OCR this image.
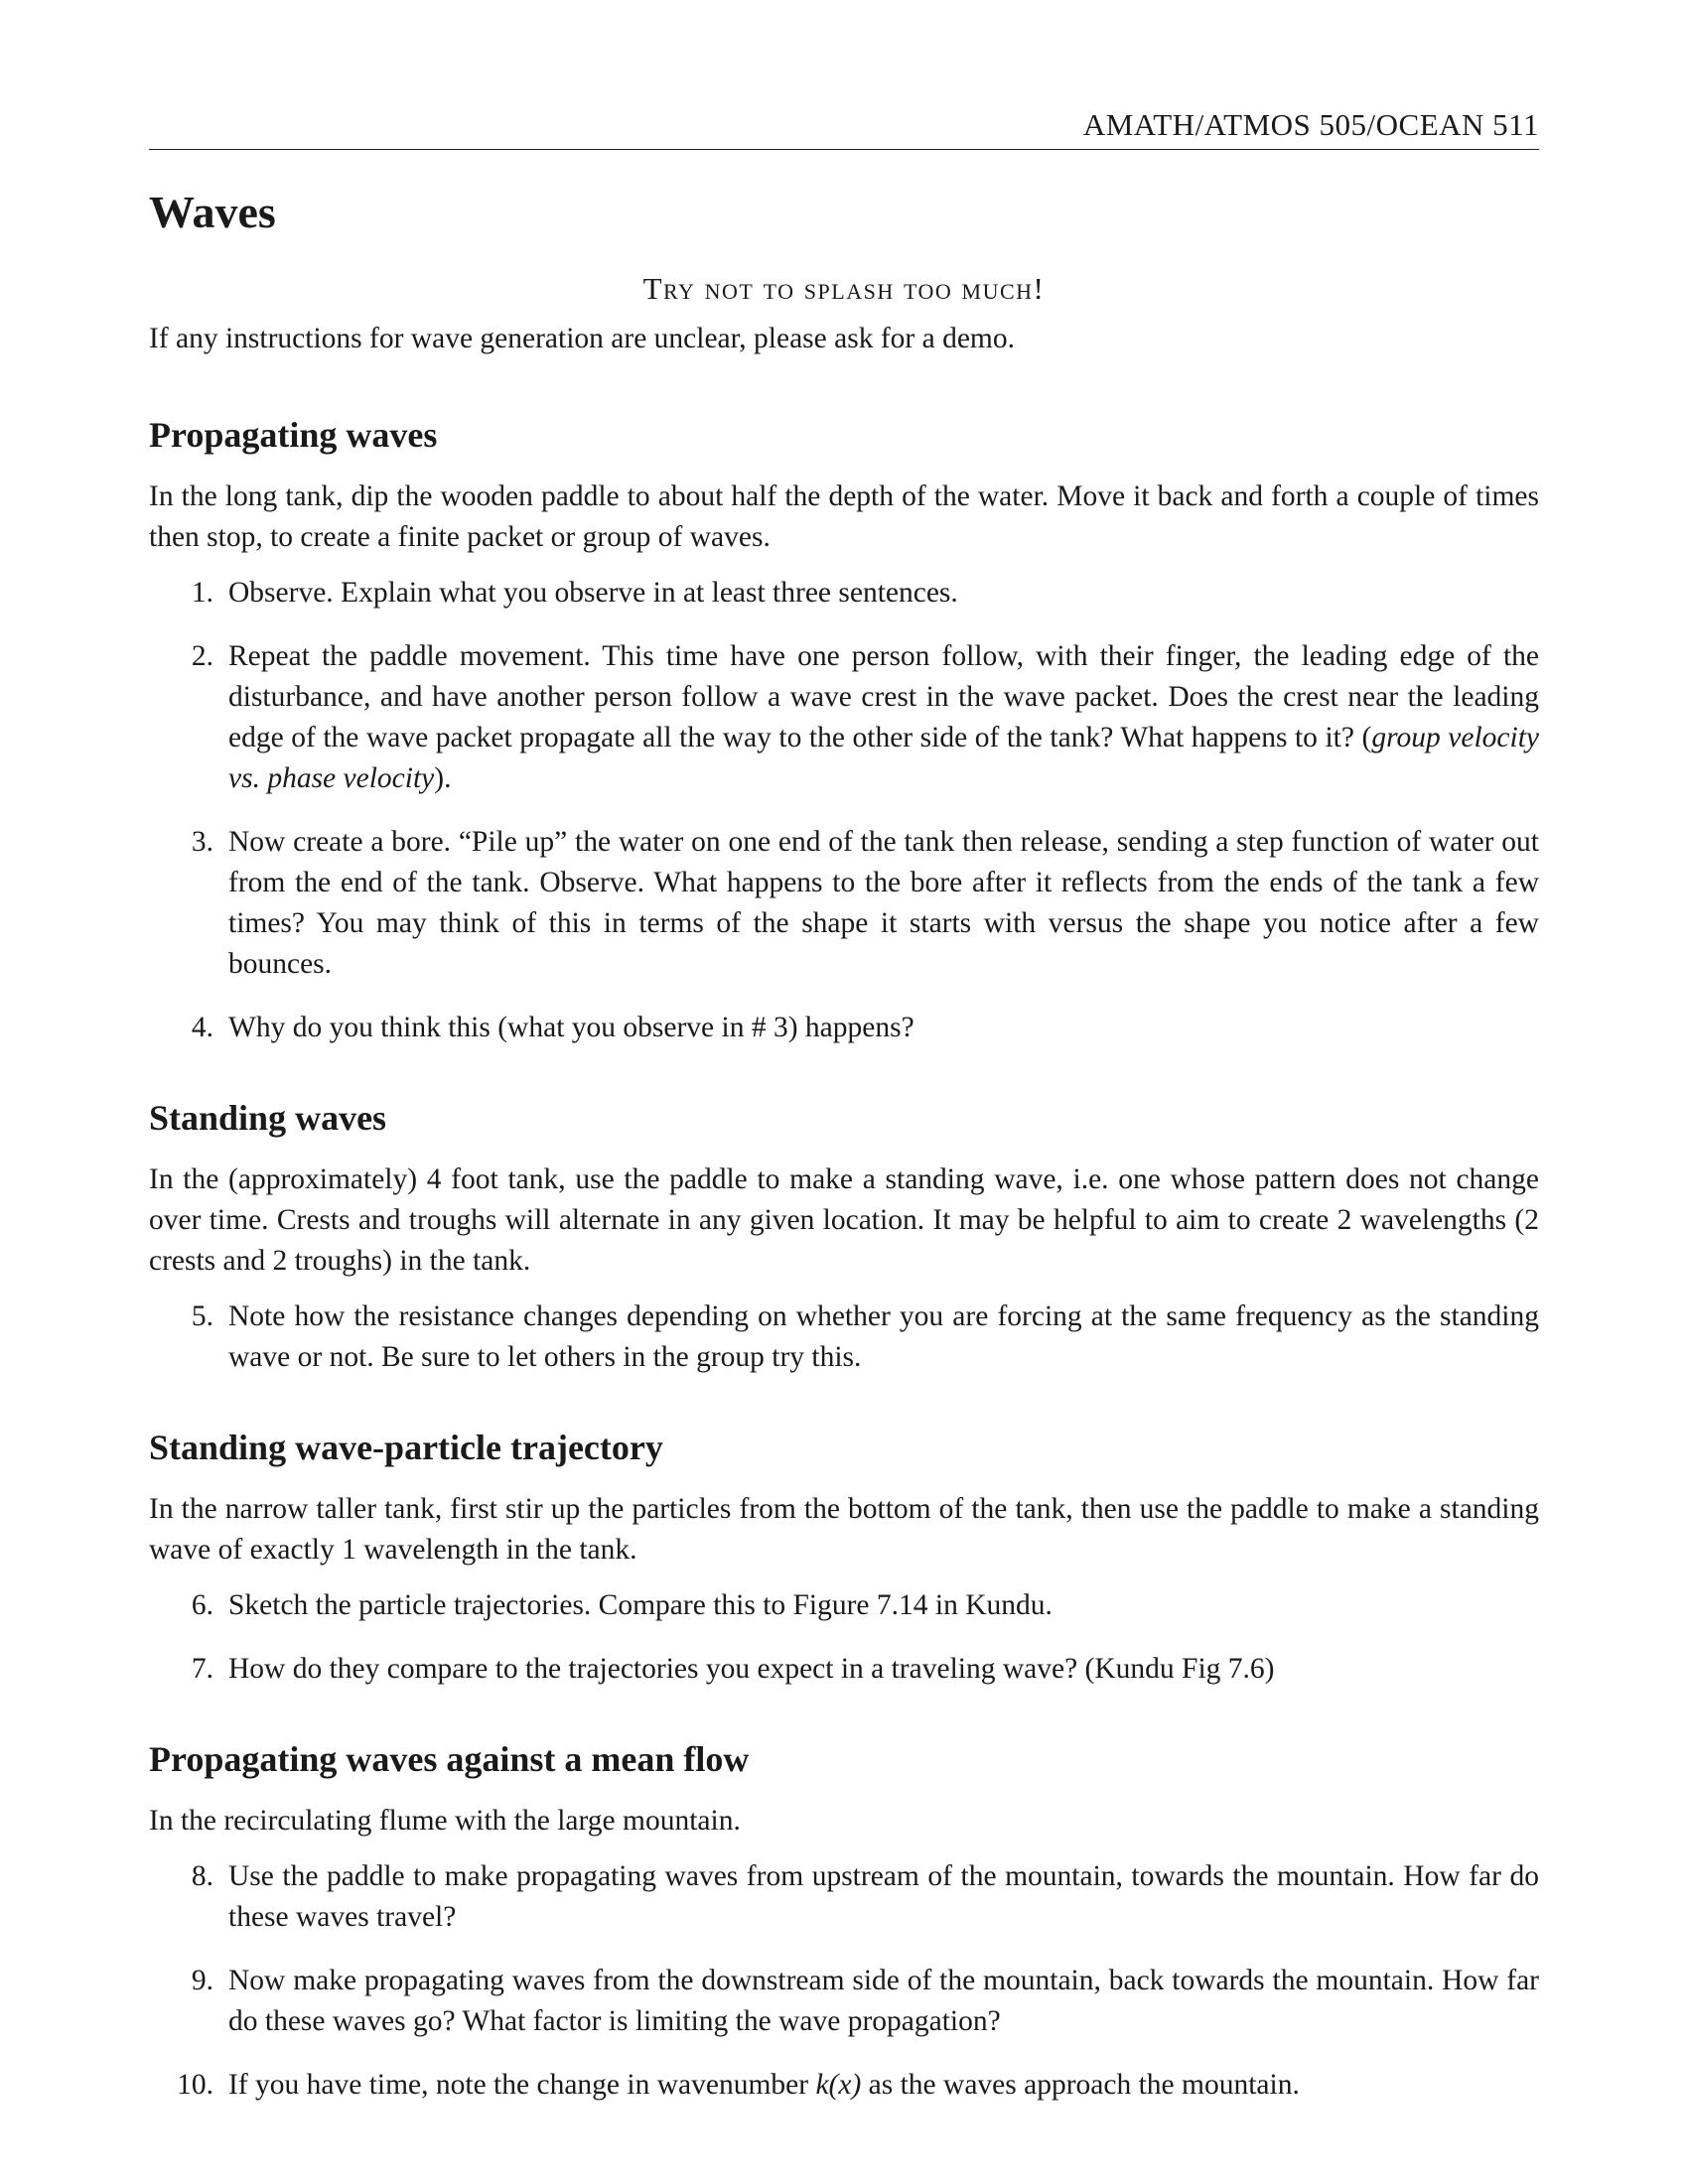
AMATH/ATMOS 505/OCEAN 511
Waves
Try not to splash too much!

If any instructions for wave generation are unclear, please ask for a demo.

Propagating waves

In the long tank, dip the wooden paddle to about half the depth of the water. Move it back and forth a couple of times then stop, to create a finite packet or group of waves.

1. Observe. Explain what you observe in at least three sentences.

2. Repeat the paddle movement. This time have one person follow, with their finger, the leading edge of the disturbance, and have another person follow a wave crest in the wave packet. Does the crest near the leading edge of the wave packet propagate all the way to the other side of the tank? What happens to it? (group velocity vs. phase velocity).

3. Now create a bore. “Pile up” the water on one end of the tank then release, sending a step function of water out from the end of the tank. Observe. What happens to the bore after it reflects from the ends of the tank a few times? You may think of this in terms of the shape it starts with versus the shape you notice after a few bounces.

4. Why do you think this (what you observe in # 3) happens?

Standing waves

In the (approximately) 4 foot tank, use the paddle to make a standing wave, i.e. one whose pattern does not change over time. Crests and troughs will alternate in any given location. It may be helpful to aim to create 2 wavelengths (2 crests and 2 troughs) in the tank.

5. Note how the resistance changes depending on whether you are forcing at the same frequency as the standing wave or not. Be sure to let others in the group try this.

Standing wave-particle trajectory

In the narrow taller tank, first stir up the particles from the bottom of the tank, then use the paddle to make a standing wave of exactly 1 wavelength in the tank.

6. Sketch the particle trajectories. Compare this to Figure 7.14 in Kundu.

7. How do they compare to the trajectories you expect in a traveling wave? (Kundu Fig 7.6)

Propagating waves against a mean flow

In the recirculating flume with the large mountain.

8. Use the paddle to make propagating waves from upstream of the mountain, towards the mountain. How far do these waves travel?

9. Now make propagating waves from the downstream side of the mountain, back towards the mountain. How far do these waves go? What factor is limiting the wave propagation?

10. If you have time, note the change in wavenumber k(x) as the waves approach the mountain.
